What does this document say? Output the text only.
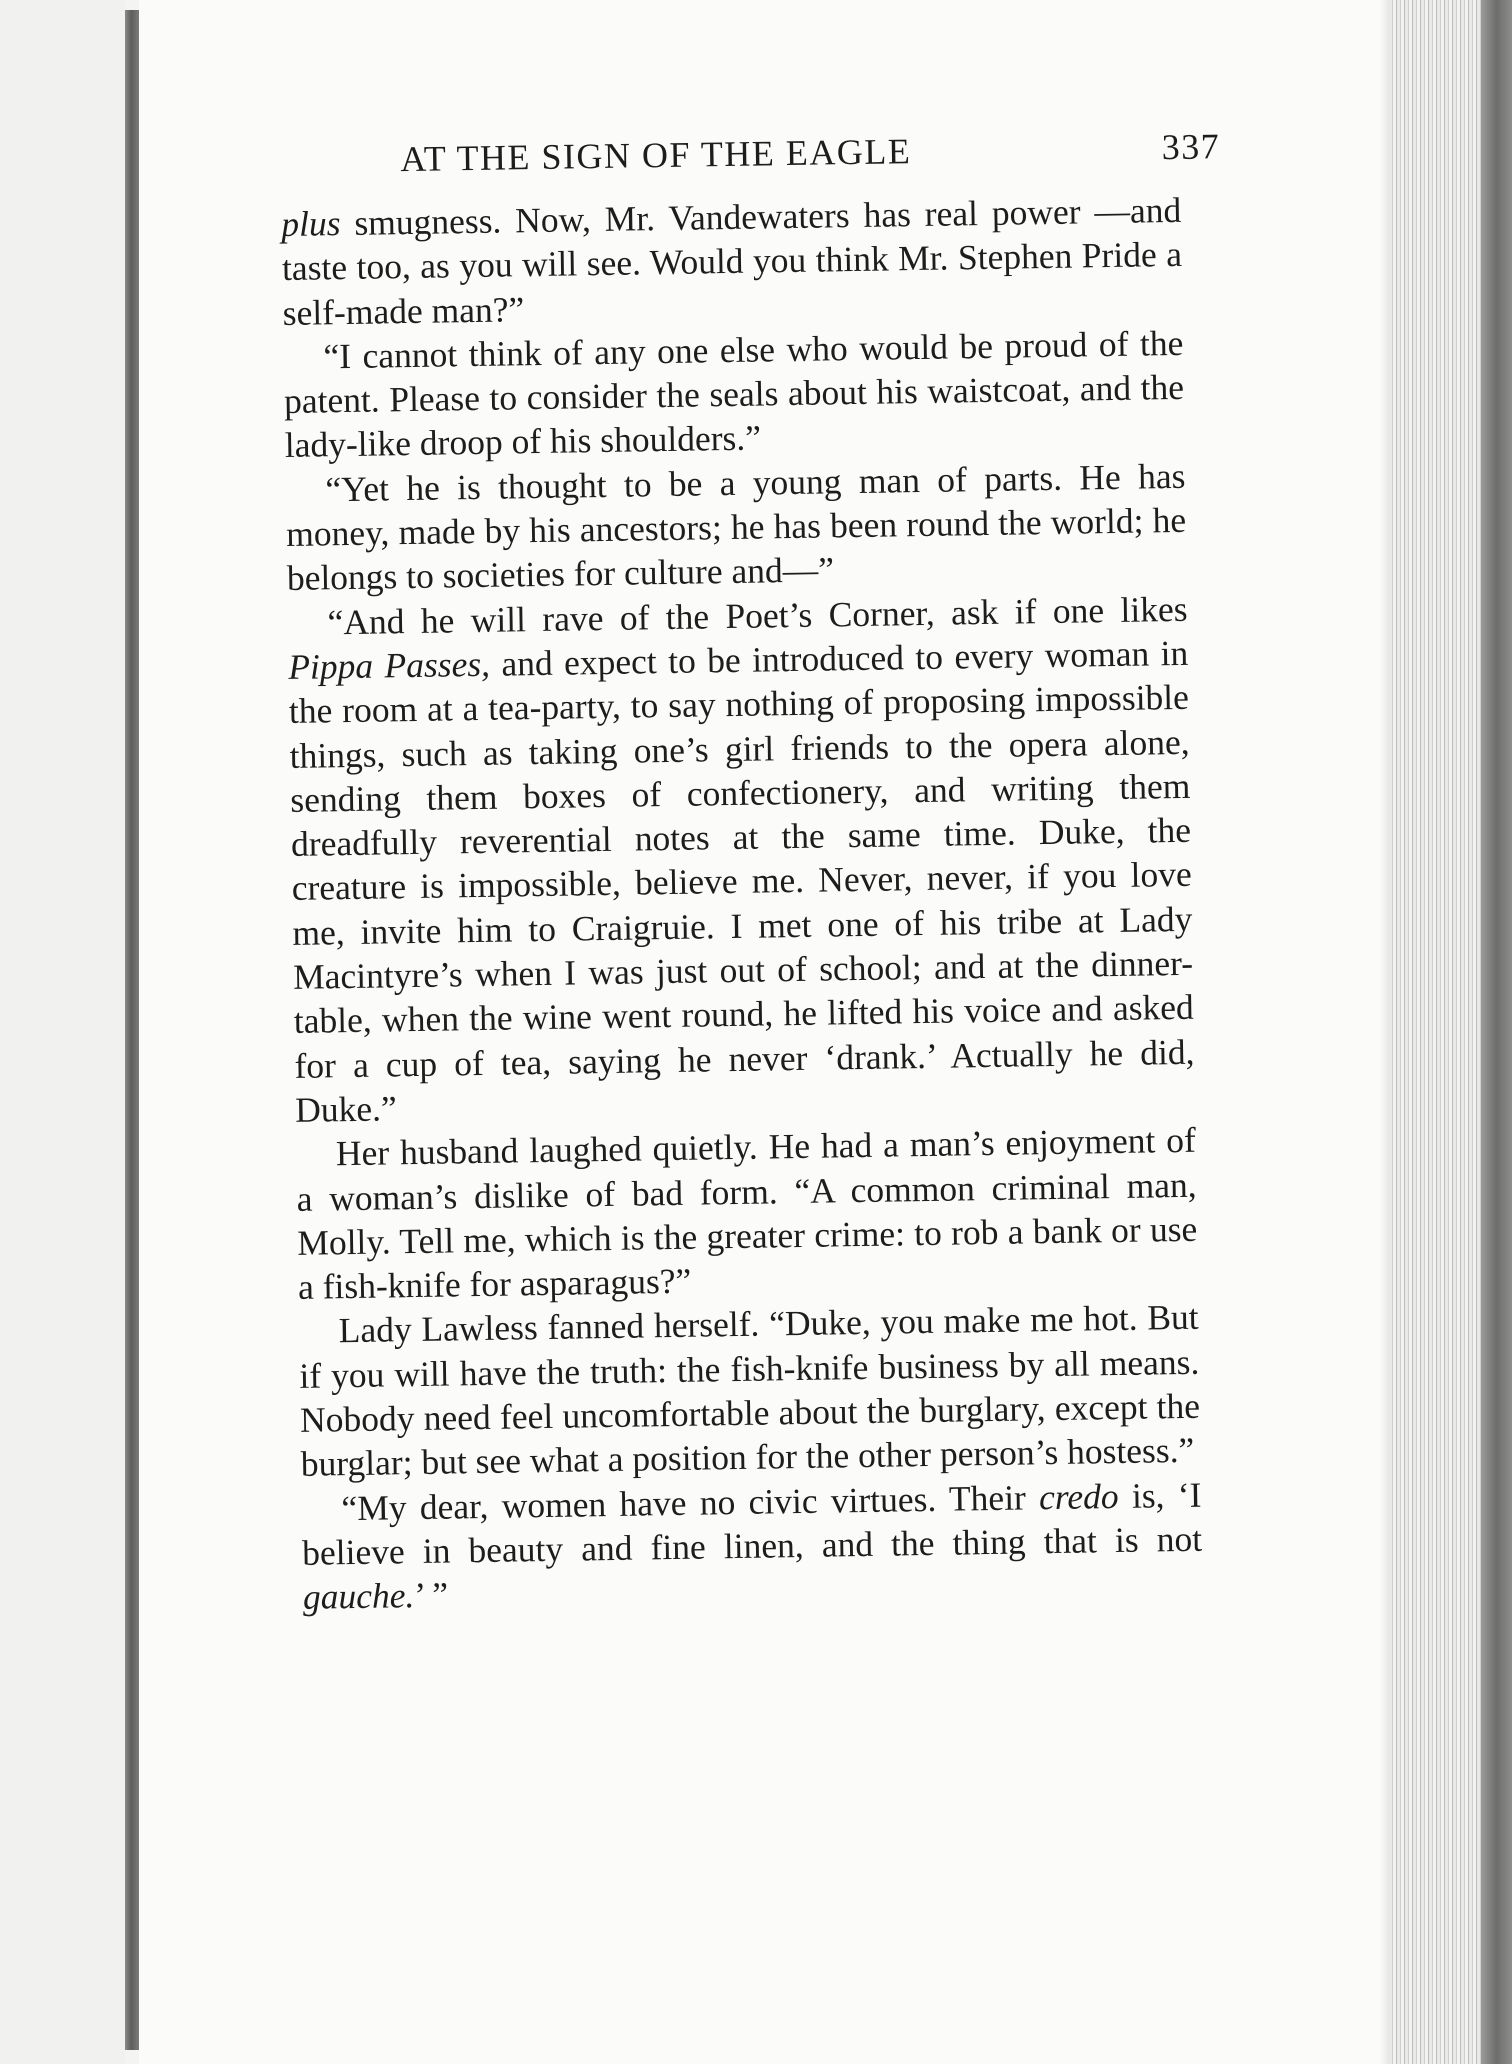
AT THE SIGN OF THE EAGLE	337

plus smugness. Now, Mr. Vandewaters has real power —and taste too, as you will see. Would you think Mr. Stephen Pride a self-made man?”

“I cannot think of any one else who would be proud of the patent. Please to consider the seals about his waistcoat, and the lady-like droop of his shoulders.”

“Yet he is thought to be a young man of parts. He has money, made by his ancestors; he has been round the world; he belongs to societies for culture and—”

“And he will rave of the Poet’s Corner, ask if one likes Pippa Passes, and expect to be introduced to every woman in the room at a tea-party, to say nothing of proposing impossible things, such as taking one’s girl friends to the opera alone, sending them boxes of confectionery, and writing them dreadfully reverential notes at the same time. Duke, the creature is impossible, believe me. Never, never, if you love me, invite him to Craigruie. I met one of his tribe at Lady Macintyre’s when I was just out of school; and at the dinner-table, when the wine went round, he lifted his voice and asked for a cup of tea, saying he never ‘drank.’ Actually he did, Duke.”

Her husband laughed quietly. He had a man’s enjoyment of a woman’s dislike of bad form. “A common criminal man, Molly. Tell me, which is the greater crime: to rob a bank or use a fish-knife for asparagus?”

Lady Lawless fanned herself. “Duke, you make me hot. But if you will have the truth: the fish-knife business by all means. Nobody need feel uncomfortable about the burglary, except the burglar; but see what a position for the other person’s hostess.”

“My dear, women have no civic virtues. Their credo is, ‘I believe in beauty and fine linen, and the thing that is not gauche.’ ”
